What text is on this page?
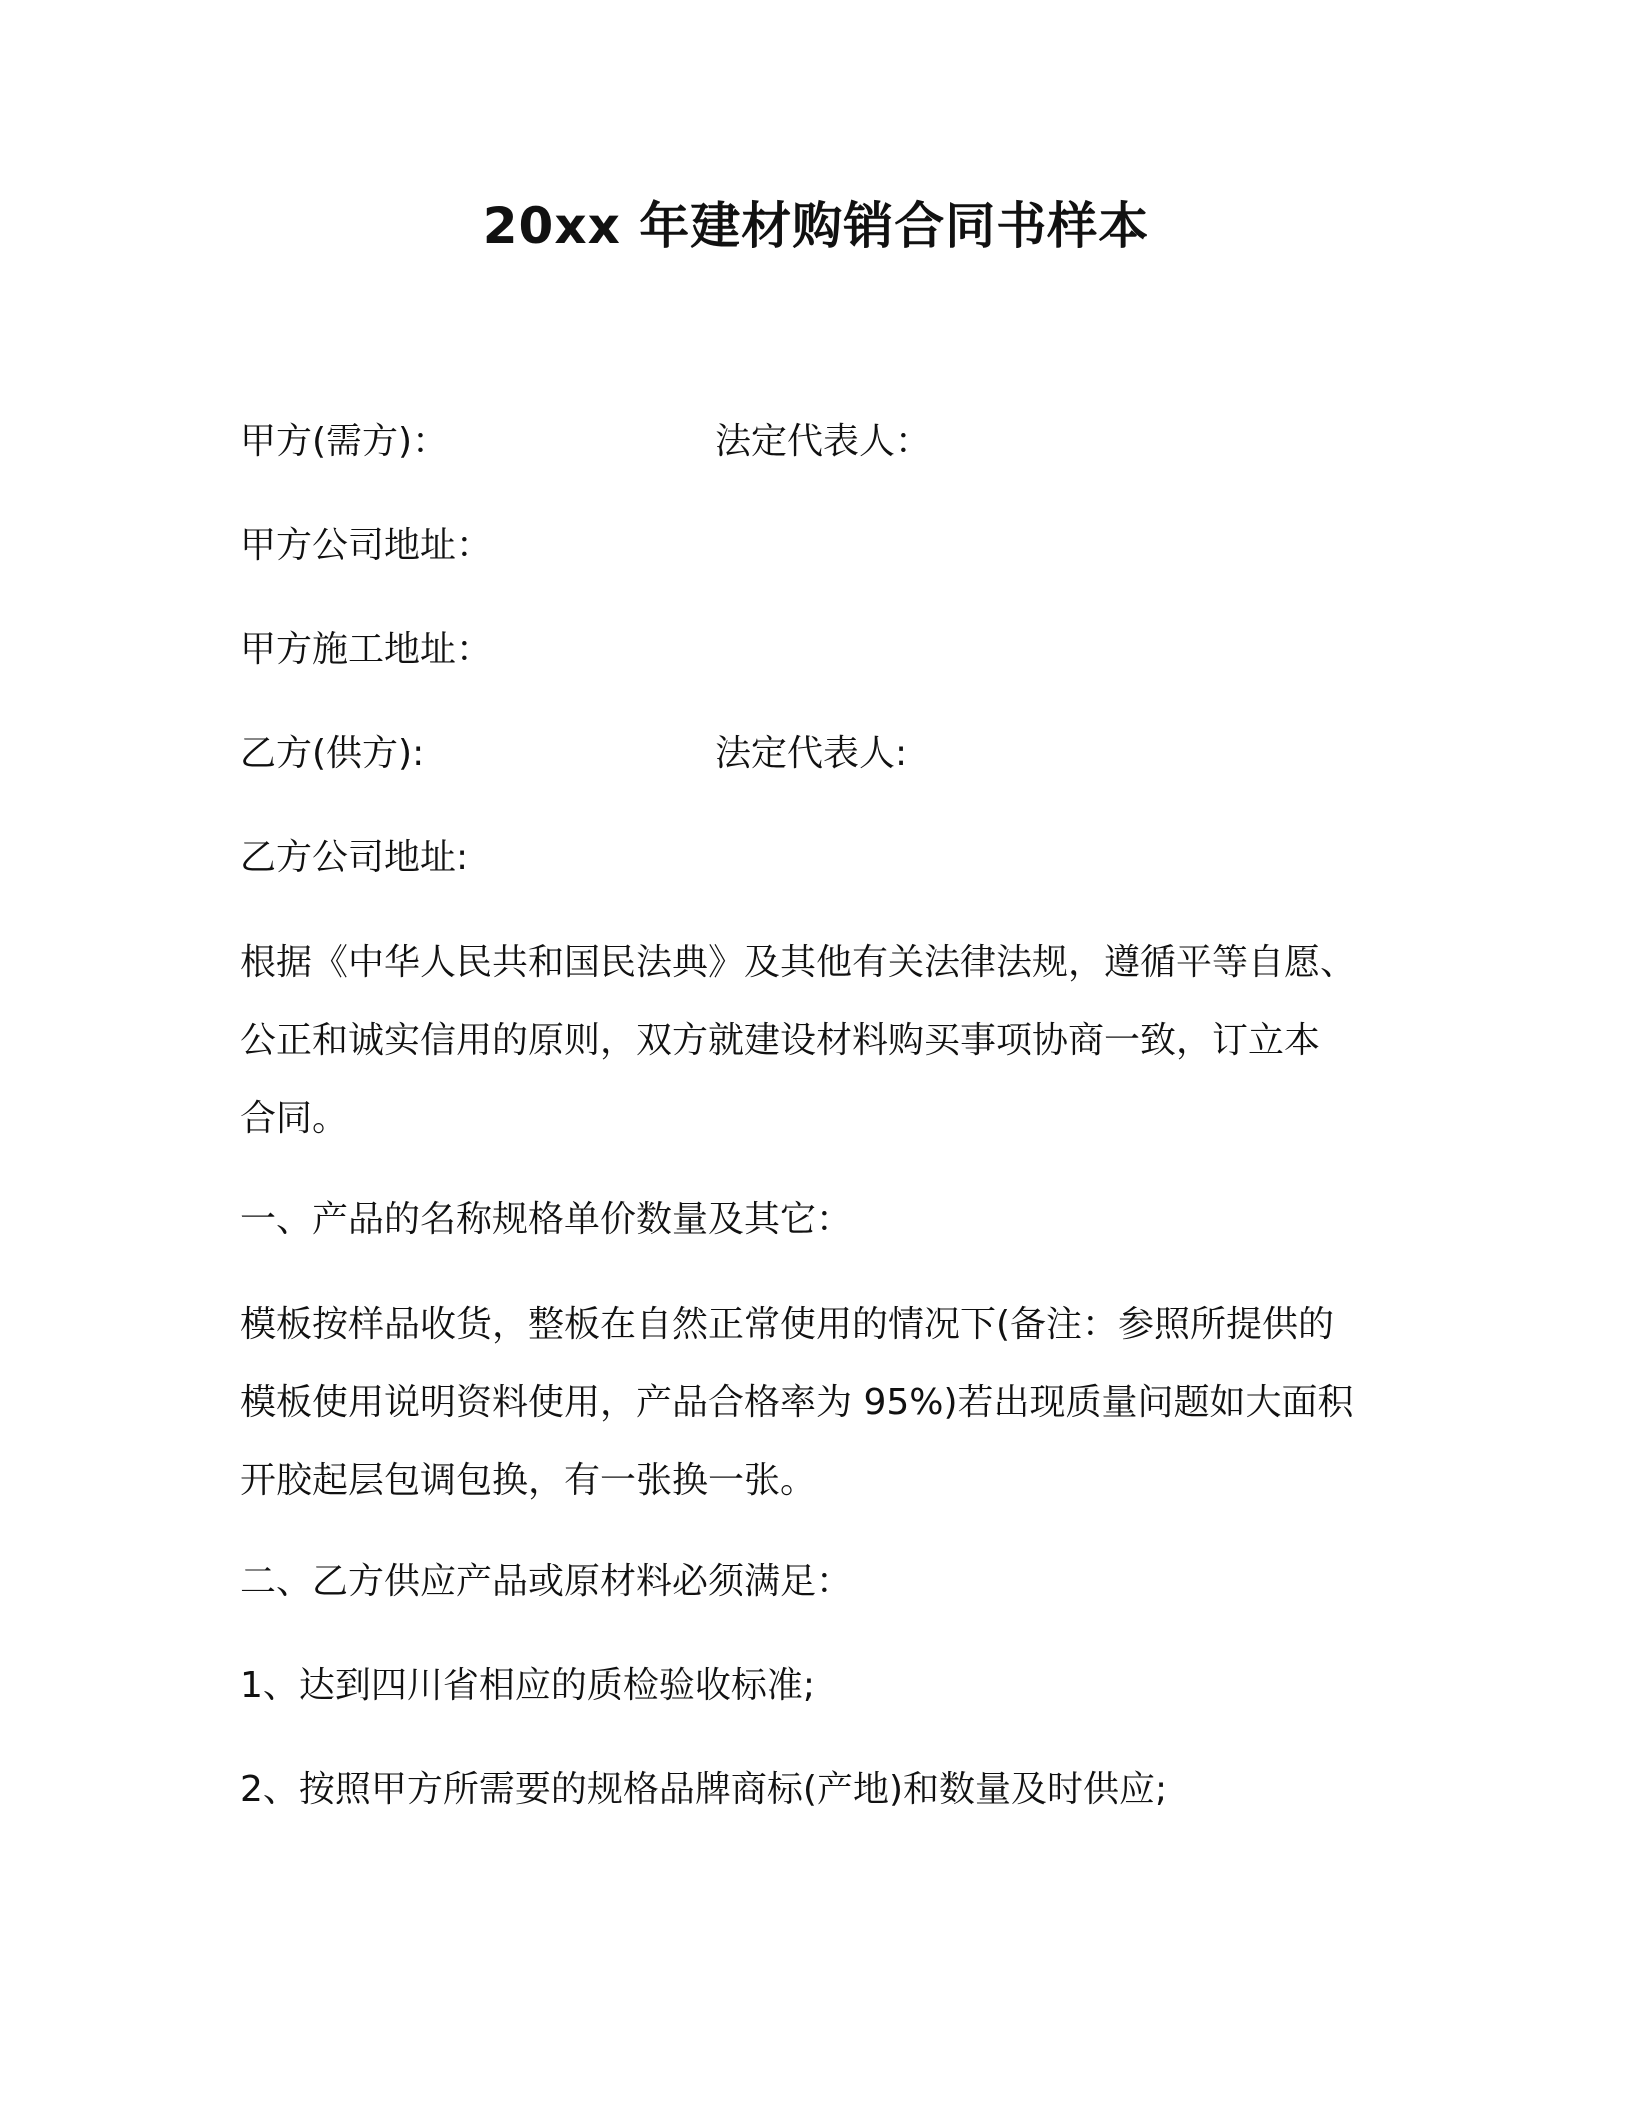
20xx 年建材购销合同书样本
甲方(需方)：	法定代表人：
甲方公司地址：
甲方施工地址：
乙方(供方):	法定代表人:
乙方公司地址:
根据《中华人民共和国民法典》及其他有关法律法规，遵循平等自愿、
公正和诚实信用的原则，双方就建设材料购买事项协商一致，订立本
合同。
一、产品的名称规格单价数量及其它：
模板按样品收货，整板在自然正常使用的情况下(备注：参照所提供的
模板使用说明资料使用，产品合格率为 95%)若出现质量问题如大面积
开胶起层包调包换，有一张换一张。
二、乙方供应产品或原材料必须满足：
1、达到四川省相应的质检验收标准;
2、按照甲方所需要的规格品牌商标(产地)和数量及时供应;
